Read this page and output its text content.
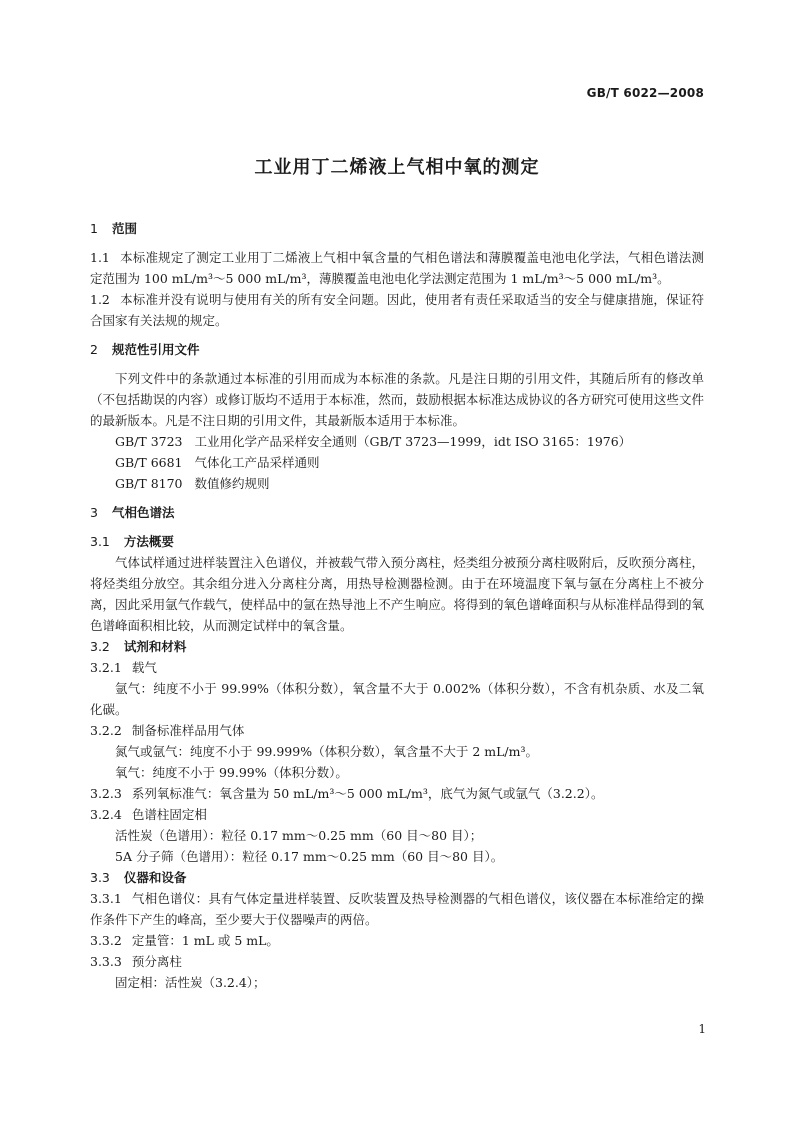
GB/T 6022—2008
工业用丁二烯液上气相中氧的测定
1 范围
1.1 本标准规定了测定工业用丁二烯液上气相中氧含量的气相色谱法和薄膜覆盖电池电化学法，气相色谱法测定范围为 100 mL/m³～5 000 mL/m³，薄膜覆盖电池电化学法测定范围为 1 mL/m³～5 000 mL/m³。
1.2 本标准并没有说明与使用有关的所有安全问题。因此，使用者有责任采取适当的安全与健康措施，保证符合国家有关法规的规定。
2 规范性引用文件
下列文件中的条款通过本标准的引用而成为本标准的条款。凡是注日期的引用文件，其随后所有的修改单（不包括勘误的内容）或修订版均不适用于本标准，然而，鼓励根据本标准达成协议的各方研究可使用这些文件的最新版本。凡是不注日期的引用文件，其最新版本适用于本标准。
GB/T 3723 工业用化学产品采样安全通则（GB/T 3723—1999，idt ISO 3165：1976）
GB/T 6681 气体化工产品采样通则
GB/T 8170 数值修约规则
3 气相色谱法
3.1 方法概要
气体试样通过进样装置注入色谱仪，并被载气带入预分离柱，烃类组分被预分离柱吸附后，反吹预分离柱，将烃类组分放空。其余组分进入分离柱分离，用热导检测器检测。由于在环境温度下氧与氩在分离柱上不被分离，因此采用氩气作载气，使样品中的氩在热导池上不产生响应。将得到的氧色谱峰面积与从标准样品得到的氧色谱峰面积相比较，从而测定试样中的氧含量。
3.2 试剂和材料
3.2.1 载气
氩气：纯度不小于 99.99%（体积分数），氧含量不大于 0.002%（体积分数），不含有机杂质、水及二氧化碳。
3.2.2 制备标准样品用气体
氮气或氩气：纯度不小于 99.999%（体积分数），氧含量不大于 2 mL/m³。
氧气：纯度不小于 99.99%（体积分数）。
3.2.3 系列氧标准气：氧含量为 50 mL/m³～5 000 mL/m³，底气为氮气或氩气（3.2.2）。
3.2.4 色谱柱固定相
活性炭（色谱用）：粒径 0.17 mm～0.25 mm（60 目～80 目）；
5A 分子筛（色谱用）：粒径 0.17 mm～0.25 mm（60 目～80 目）。
3.3 仪器和设备
3.3.1 气相色谱仪：具有气体定量进样装置、反吹装置及热导检测器的气相色谱仪，该仪器在本标准给定的操作条件下产生的峰高，至少要大于仪器噪声的两倍。
3.3.2 定量管：1 mL 或 5 mL。
3.3.3 预分离柱
固定相：活性炭（3.2.4）；
1
